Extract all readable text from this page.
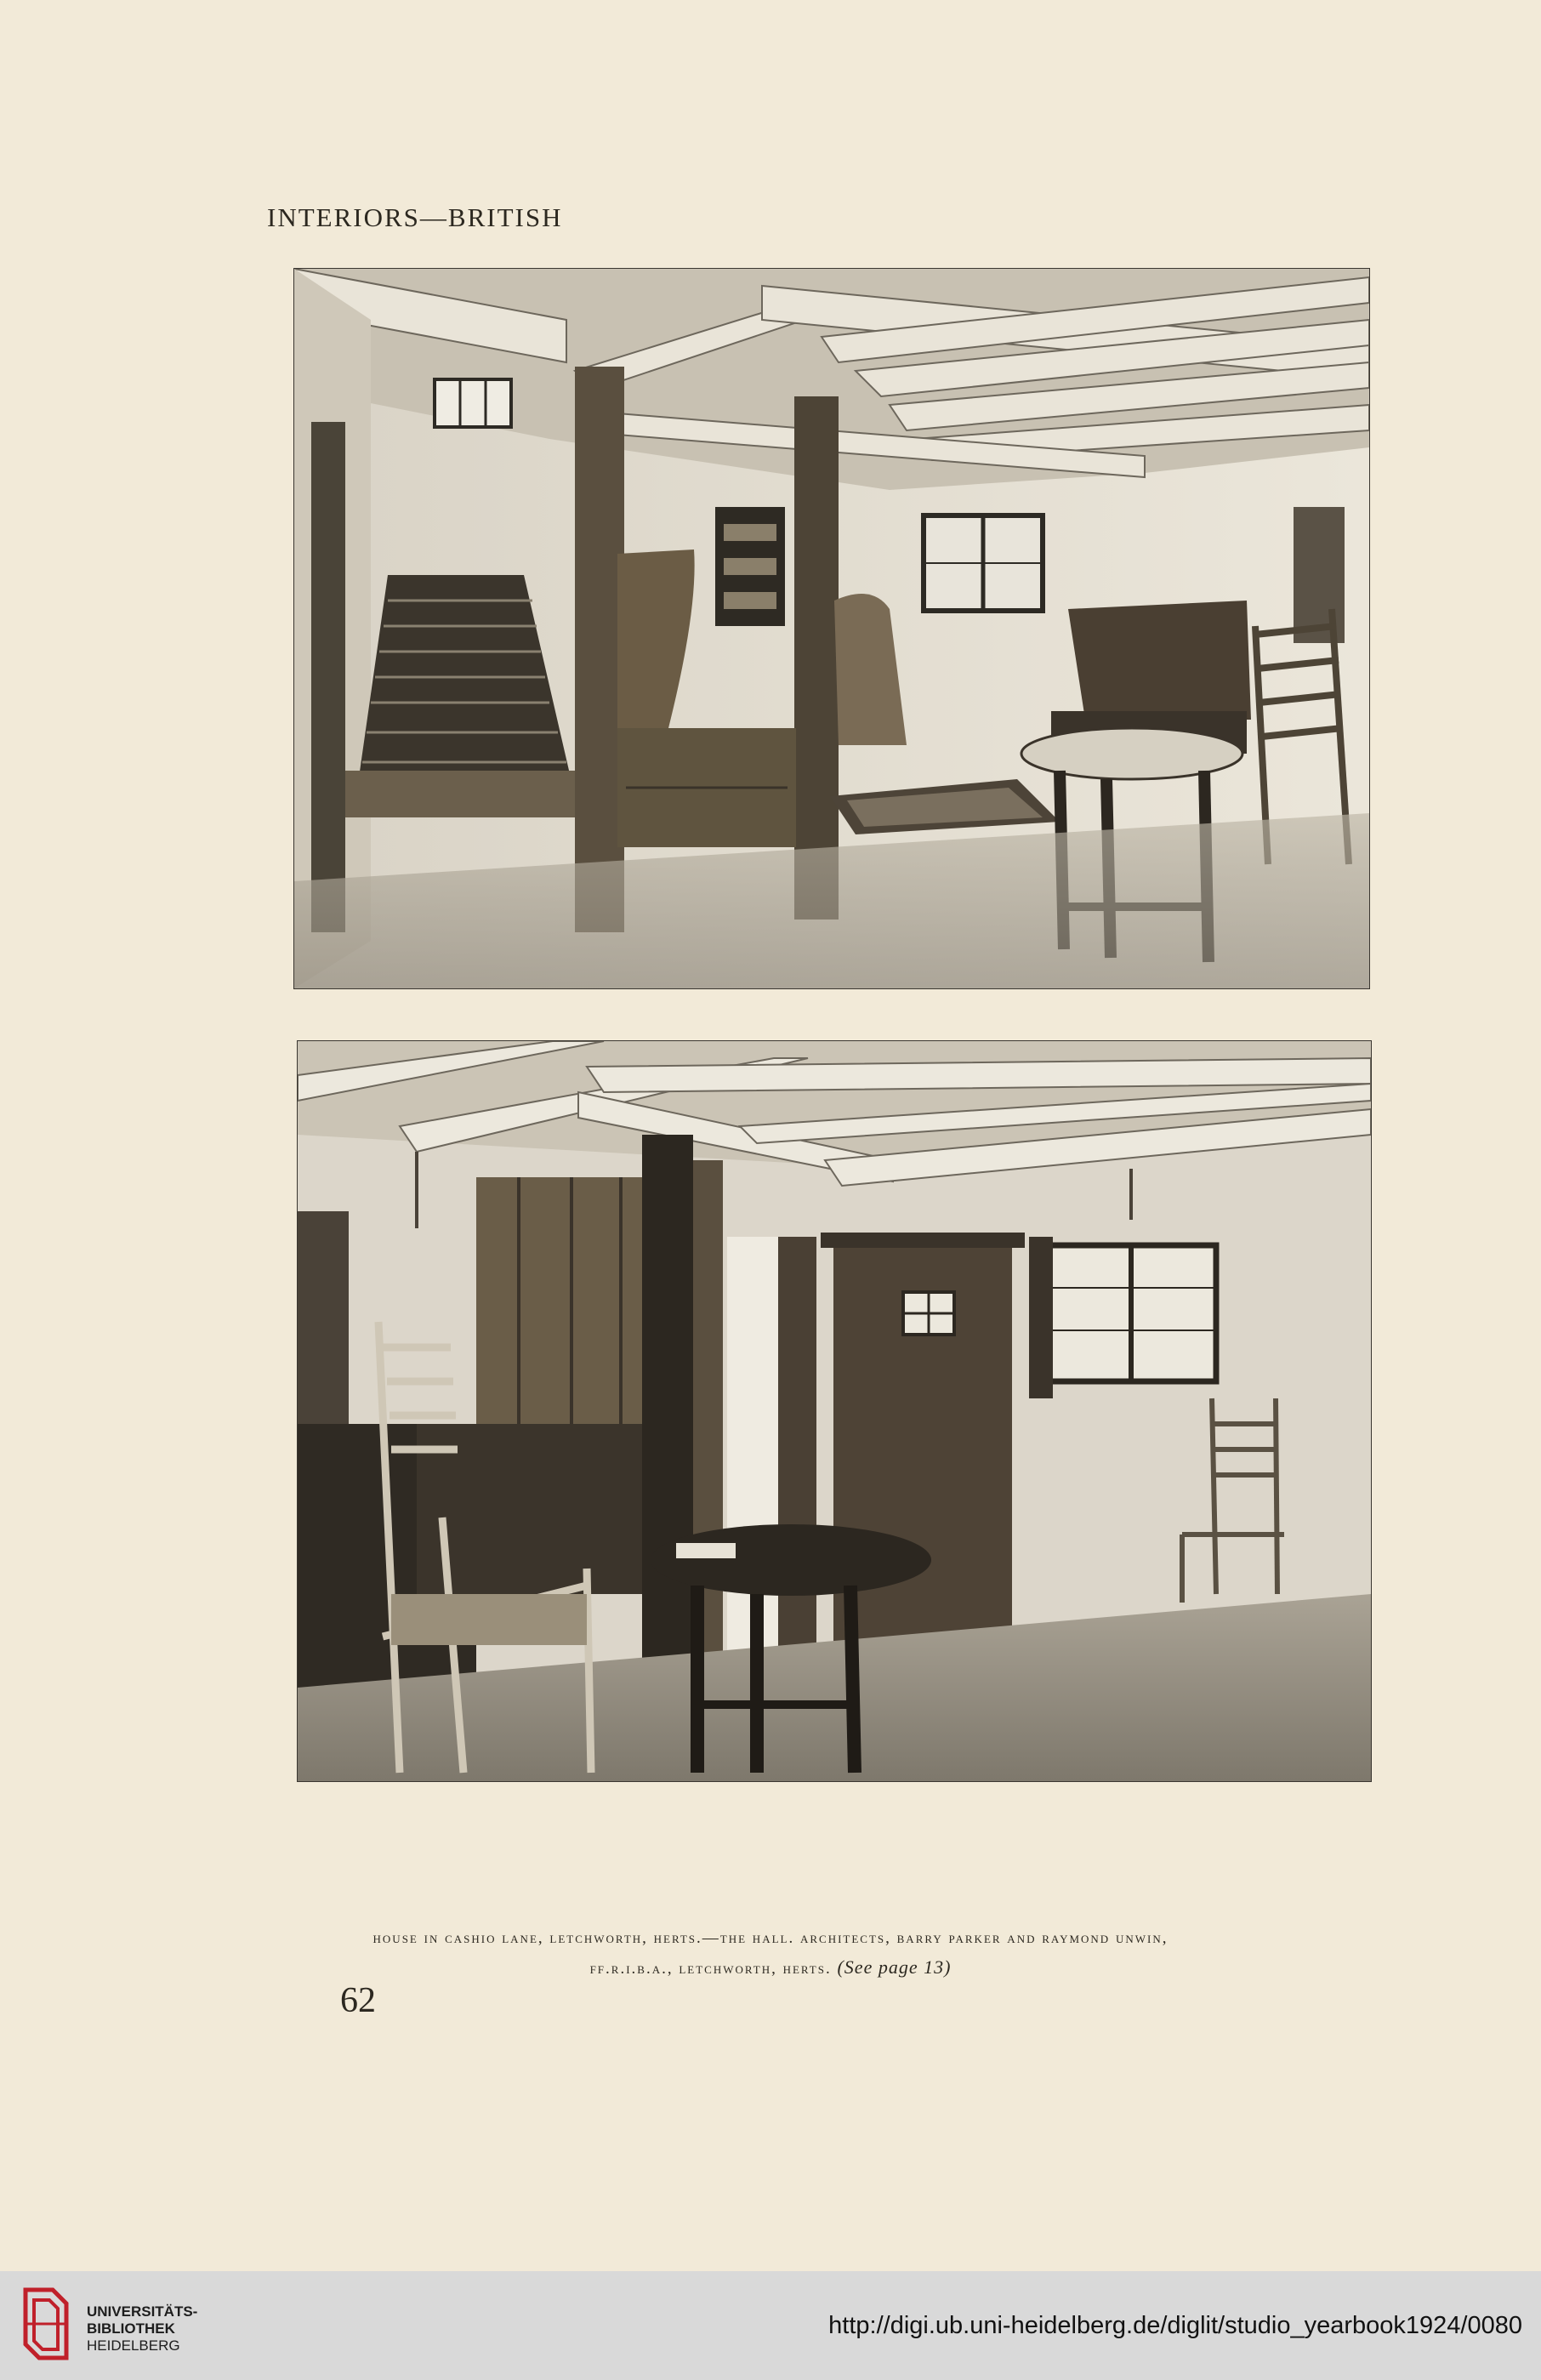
INTERIORS—BRITISH
house in cashio lane, letchworth, herts.—the hall. architects, barry parker and raymond unwin,
ff.r.i.b.a., letchworth, herts. (See page 13)
62
UNIVERSITÄTS-
BIBLIOTHEK
HEIDELBERG
http://digi.ub.uni-heidelberg.de/diglit/studio_yearbook1924/0080
